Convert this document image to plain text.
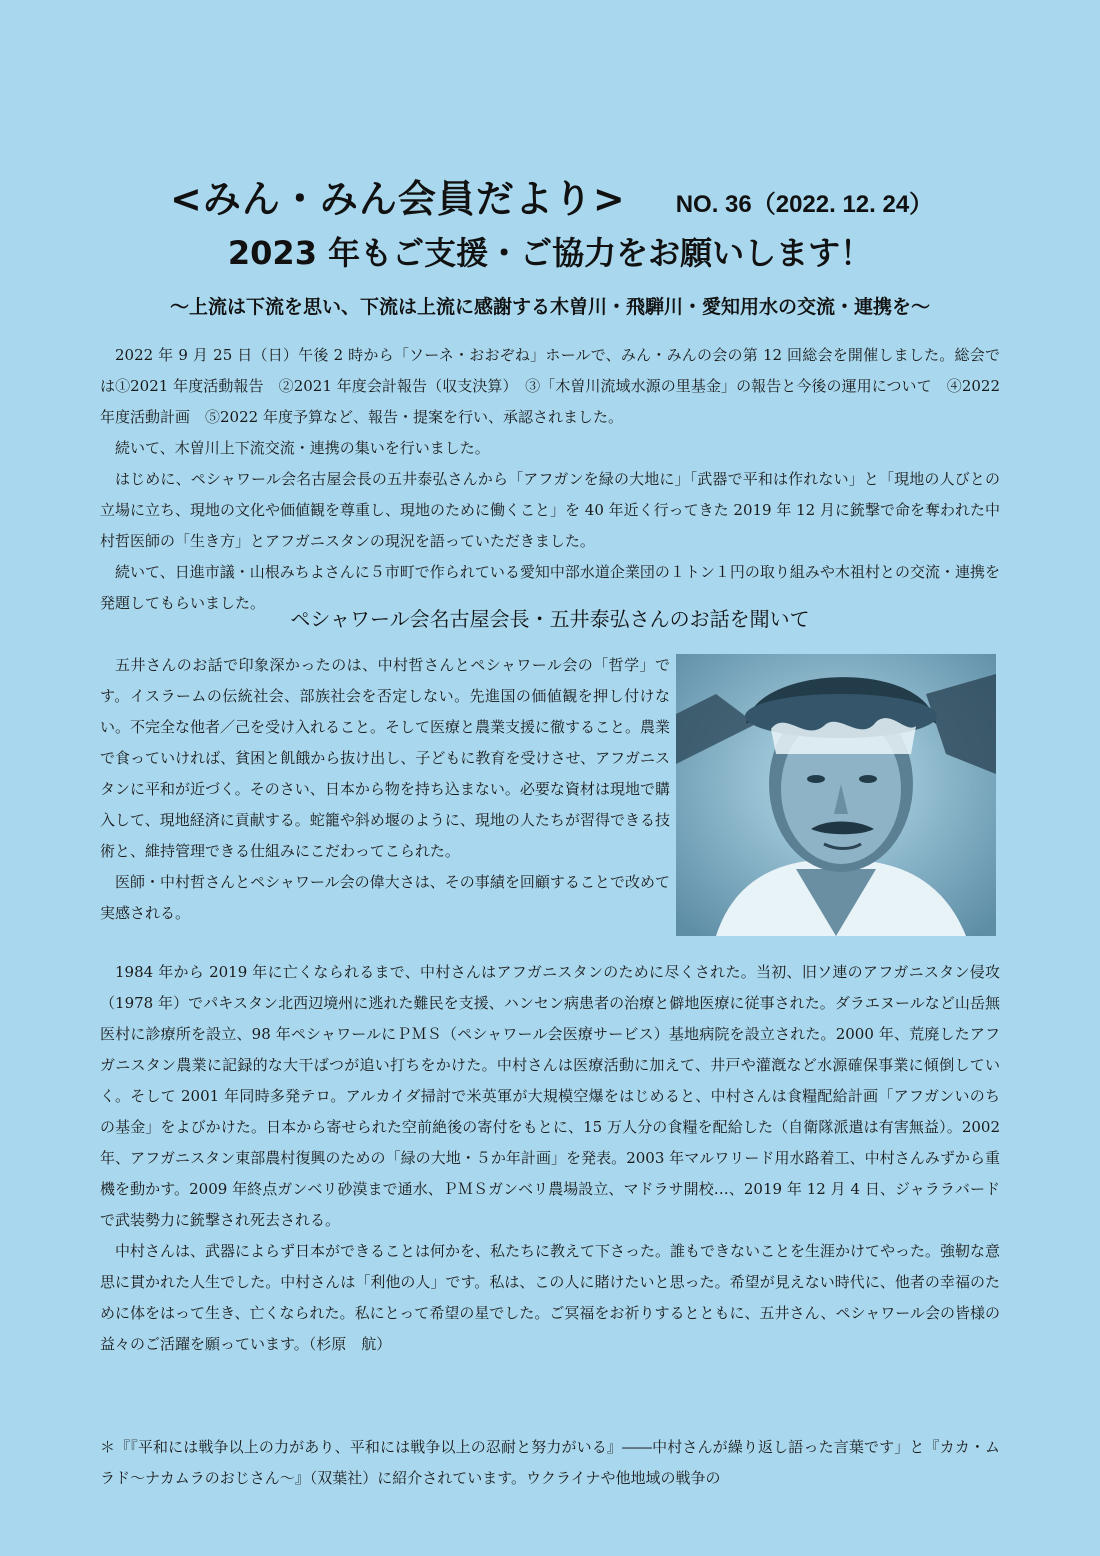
<みん・みん会員だより> NO. 36（2022. 12. 24）
2023 年もご支援・ご協力をお願いします！
～上流は下流を思い、下流は上流に感謝する木曽川・飛騨川・愛知用水の交流・連携を～

2022 年 9 月 25 日（日）午後 2 時から「ソーネ・おおぞね」ホールで、みん・みんの会の第 12 回総会を開催しました。総会では①2021 年度活動報告　②2021 年度会計報告（収支決算）　③「木曽川流域水源の里基金」の報告と今後の運用について　④2022 年度活動計画　⑤2022 年度予算など、報告・提案を行い、承認されました。

続いて、木曽川上下流交流・連携の集いを行いました。

はじめに、ペシャワール会名古屋会長の五井泰弘さんから「アフガンを緑の大地に」「武器で平和は作れない」と「現地の人びとの立場に立ち、現地の文化や価値観を尊重し、現地のために働くこと」を 40 年近く行ってきた 2019 年 12 月に銃撃で命を奪われた中村哲医師の「生き方」とアフガニスタンの現況を語っていただきました。

続いて、日進市議・山根みちよさんに５市町で作られている愛知中部水道企業団の１トン１円の取り組みや木祖村との交流・連携を発題してもらいました。

ペシャワール会名古屋会長・五井泰弘さんのお話を聞いて

五井さんのお話で印象深かったのは、中村哲さんとペシャワール会の「哲学」です。イスラームの伝統社会、部族社会を否定しない。先進国の価値観を押し付けない。不完全な他者／己を受け入れること。そして医療と農業支援に徹すること。農業で食っていければ、貧困と飢餓から抜け出し、子どもに教育を受けさせ、アフガニスタンに平和が近づく。そのさい、日本から物を持ち込まない。必要な資材は現地で購入して、現地経済に貢献する。蛇籠や斜め堰のように、現地の人たちが習得できる技術と、維持管理できる仕組みにこだわってこられた。

医師・中村哲さんとペシャワール会の偉大さは、その事績を回顧することで改めて実感される。

1984 年から 2019 年に亡くなられるまで、中村さんはアフガニスタンのために尽くされた。当初、旧ソ連のアフガニスタン侵攻（1978 年）でパキスタン北西辺境州に逃れた難民を支援、ハンセン病患者の治療と僻地医療に従事された。ダラエヌールなど山岳無医村に診療所を設立、98 年ペシャワールにＰＭＳ（ペシャワール会医療サービス）基地病院を設立された。2000 年、荒廃したアフガニスタン農業に記録的な大干ばつが追い打ちをかけた。中村さんは医療活動に加えて、井戸や灌漑など水源確保事業に傾倒していく。そして 2001 年同時多発テロ。アルカイダ掃討で米英軍が大規模空爆をはじめると、中村さんは食糧配給計画「アフガンいのちの基金」をよびかけた。日本から寄せられた空前絶後の寄付をもとに、15 万人分の食糧を配給した（自衛隊派遣は有害無益）。2002 年、アフガニスタン東部農村復興のための「緑の大地・５か年計画」を発表。2003 年マルワリード用水路着工、中村さんみずから重機を動かす。2009 年終点ガンベリ砂漠まで通水、ＰＭＳガンベリ農場設立、マドラサ開校…、2019 年 12 月 4 日、ジャララバードで武装勢力に銃撃され死去される。

中村さんは、武器によらず日本ができることは何かを、私たちに教えて下さった。誰もできないことを生涯かけてやった。強靭な意思に貫かれた人生でした。中村さんは「利他の人」です。私は、この人に賭けたいと思った。希望が見えない時代に、他者の幸福のために体をはって生き、亡くなられた。私にとって希望の星でした。ご冥福をお祈りするとともに、五井さん、ペシャワール会の皆様の益々のご活躍を願っています。（杉原　航）

＊『『平和には戦争以上の力があり、平和には戦争以上の忍耐と努力がいる』――中村さんが繰り返し語った言葉です」と『カカ・ムラド～ナカムラのおじさん～』（双葉社）に紹介されています。ウクライナや他地域の戦争の
